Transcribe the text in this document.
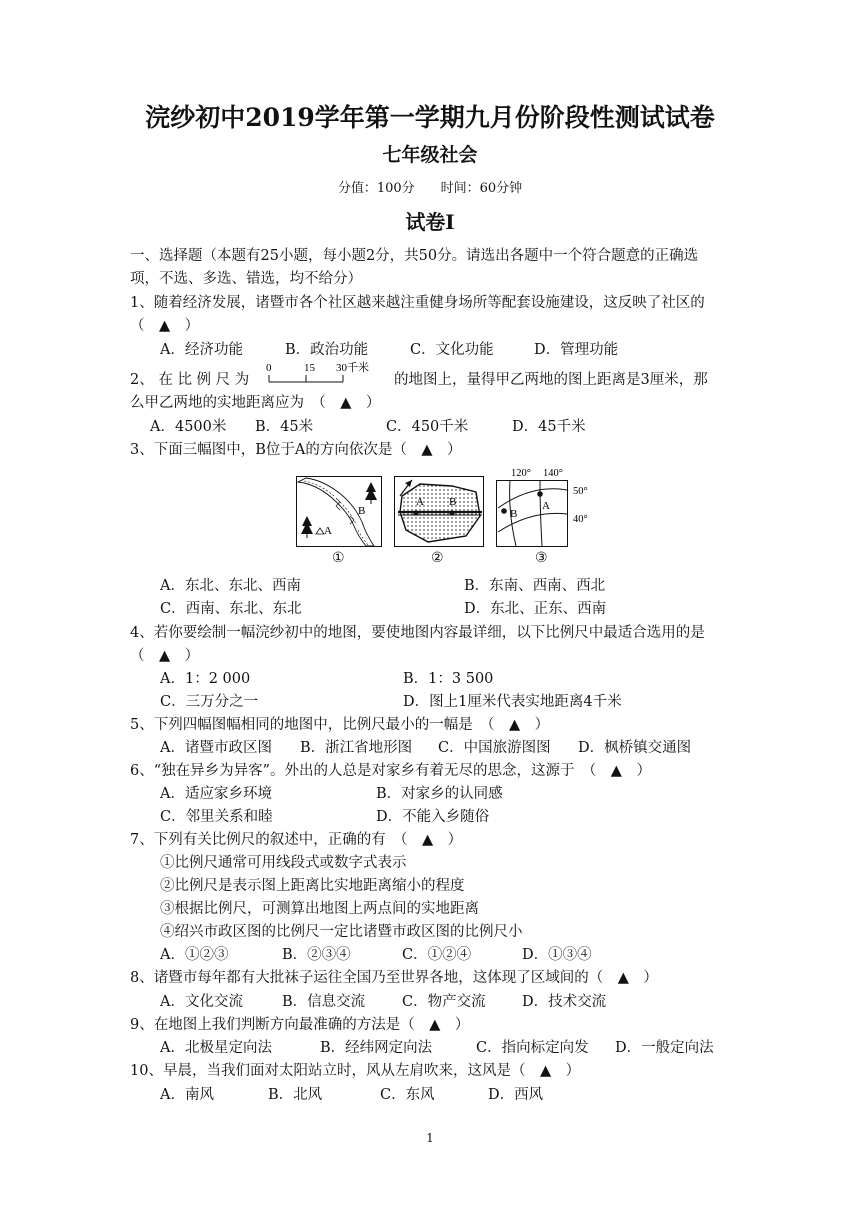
浣纱初中2019学年第一学期九月份阶段性测试试卷
七年级社会
分值：100分　　时间：60分钟
试卷I
一、选择题（本题有25小题，每小题2分，共50分。请选出各题中一个符合题意的正确选
项，不选、多选、错选，均不给分）
1、随着经济发展，诸暨市各个社区越来越注重健身场所等配套设施建设，这反映了社区的
（　▲　）
A．经济功能	B．政治功能	C．文化功能	D．管理功能
2、 在 比 例 尺 为
0	15 30千米
的地图上，量得甲乙两地的图上距离是3厘米，那
么甲乙两地的实地距离应为　（　▲　）
A．4500米 B．45米	C．450千米	D．45千米
3、下面三幅图中，B位于A的方向依次是（　▲　）
A
B
①
A B
②
120° 140°
50°
40°
A
B
③
A．东北、东北、西南	B．东南、西南、西北
C．西南、东北、东北	D．东北、正东、西南
4、若你要绘制一幅浣纱初中的地图，要使地图内容最详细，以下比例尺中最适合选用的是
（　▲　）
A．1：2 000	B．1：3 500
C．三万分之一	D．图上1厘米代表实地距离4千米
5、下列四幅图幅相同的地图中，比例尺最小的一幅是　（　▲　）
A．诸暨市政区图 B．浙江省地形图 C．中国旅游图图 D．枫桥镇交通图
6、“独在异乡为异客”。外出的人总是对家乡有着无尽的思念，这源于　（　▲　）
A．适应家乡环境	B．对家乡的认同感
C．邻里关系和睦	D．不能入乡随俗
7、下列有关比例尺的叙述中，正确的有　（　▲　）
①比例尺通常可用线段式或数字式表示
②比例尺是表示图上距离比实地距离缩小的程度
③根据比例尺，可测算出地图上两点间的实地距离
④绍兴市政区图的比例尺一定比诸暨市政区图的比例尺小
A．①②③	B．②③④	C．①②④	D．①③④
8、诸暨市每年都有大批袜子运往全国乃至世界各地，这体现了区域间的（　▲　）
A．文化交流	B．信息交流	C．物产交流	D．技术交流
9、在地图上我们判断方向最准确的方法是（　▲　）
A．北极星定向法	B．经纬网定向法	C．指向标定向发 D．一般定向法
10、早晨，当我们面对太阳站立时，风从左肩吹来，这风是（　▲　）
A．南风	B．北风	C．东风	D．西风
1
